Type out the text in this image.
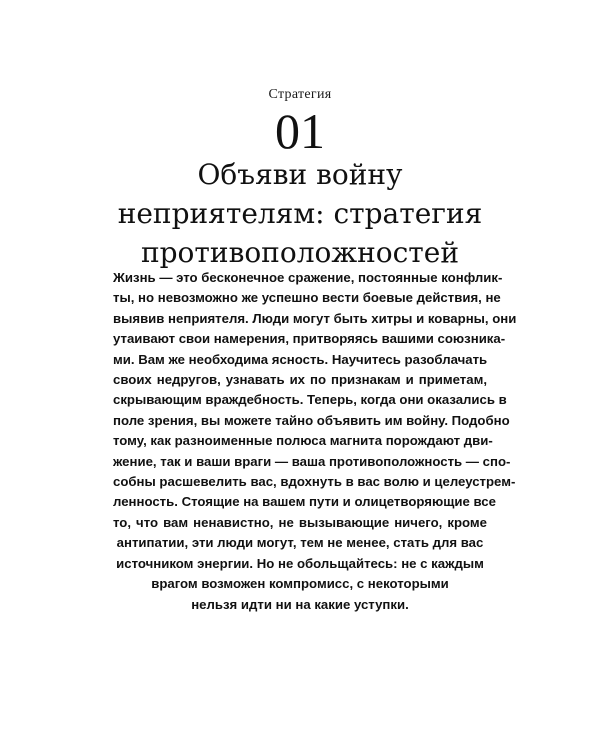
Стратегия
01
Объяви войну
неприятелям: стратегия
противоположностей
Жизнь — это бесконечное сражение, постоянные конфлик-
ты, но невозможно же успешно вести боевые действия, не
выявив неприятеля. Люди могут быть хитры и коварны, они
утаивают свои намерения, притворяясь вашими союзника-
ми. Вам же необходима ясность. Научитесь разоблачать
своих недругов, узнавать их по признакам и приметам,
скрывающим враждебность. Теперь, когда они оказались в
поле зрения, вы можете тайно объявить им войну. Подобно
тому, как разноименные полюса магнита порождают дви-
жение, так и ваши враги — ваша противоположность — спо-
собны расшевелить вас, вдохнуть в вас волю и целеустрем-
ленность. Стоящие на вашем пути и олицетворяющие все
то, что вам ненавистно, не вызывающие ничего, кроме
антипатии, эти люди могут, тем не менее, стать для вас
источником энергии. Но не обольщайтесь: не с каждым
врагом возможен компромисс, с некоторыми
нельзя идти ни на какие уступки.
